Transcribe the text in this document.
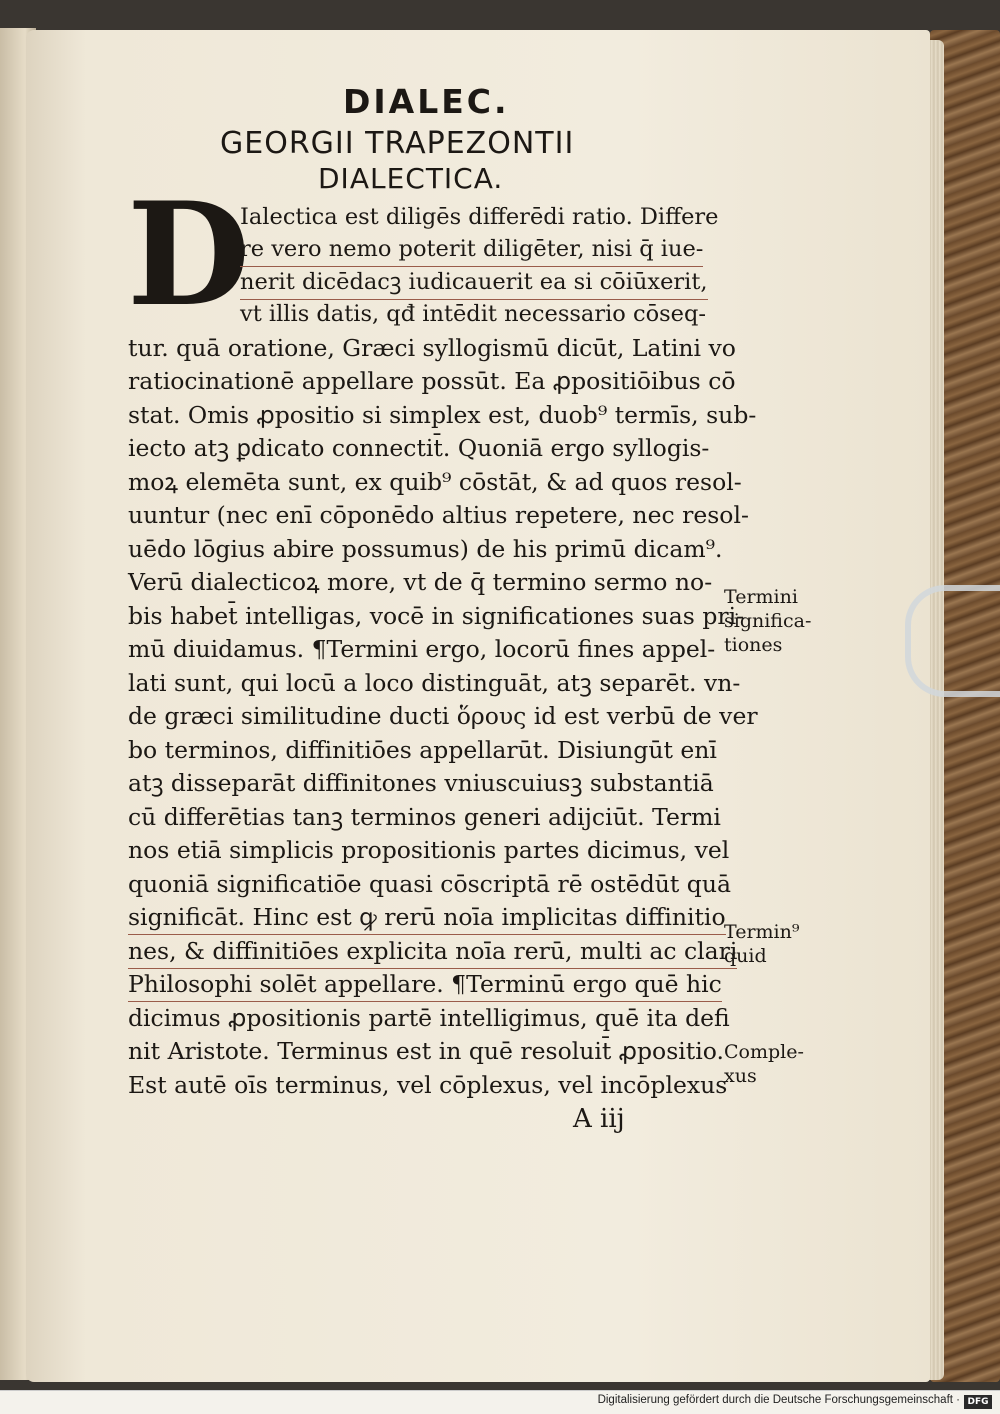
DIALEC.
GEORGII TRAPEZONTII
DIALECTICA.
D
Ialectica est diligēs differēdi ratio. Differe
re vero nemo poterit diligēter, nisi q̄ iue-
nerit dicēdacꝫ iudicauerit ea si cōiūxerit,
vt illis datis, qđ intēdit necessario cōseq-
tur. quā oratione, Græci syllogismū dicūt, Latini vo
ratiocinationē appellare possūt. Ea ꝓpositiōibus cō
stat. Omis ꝓpositio si simplex est, duob⁹ termīs, sub-
iecto atꝫ ꝑdicato connectit̄. Quoniā ergo syllogis-
moꝝ elemēta sunt, ex quib⁹ cōstāt, & ad quos resol-
uuntur (nec enī cōponēdo altius repetere, nec resol-
uēdo lōgius abire possumus) de his primū dicam⁹.
Verū dialecticoꝝ more, vt de q̄ termino sermo no-
bis habet̄ intelligas, vocē in significationes suas pri-
mū diuidamus. ¶Termini ergo, locorū fines appel-
lati sunt, qui locū a loco distinguāt, atꝫ separēt. vn-
de græci similitudine ducti ὅρους id est verbū de ver
bo terminos, diffinitiōes appellarūt. Disiungūt enī
atꝫ disseparāt diffinitones vniuscuiusꝫ substantiā
cū differētias tanꝫ terminos generi adijciūt. Termi
nos etiā simplicis propositionis partes dicimus, vel
quoniā significatiōe quasi cōscriptā rē ostēdūt quā
significāt. Hinc est ꝙ rerū noīa implicitas diffinitio
nes, & diffinitiōes explicita noīa rerū, multi ac clari
Philosophi solēt appellare. ¶Terminū ergo quē hic
dicimus ꝓpositionis partē intelligimus, quē ita defi
nit Aristote. Terminus est in quē resoluit̄ ꝓpositio.
Est autē oīs terminus, vel cōplexus, vel incōplexus
Termini
significa-
tiones
Termin⁹
quid
Comple-
xus
A iij
Digitalisierung gefördert durch die Deutsche Forschungsgemeinschaft · DFG
